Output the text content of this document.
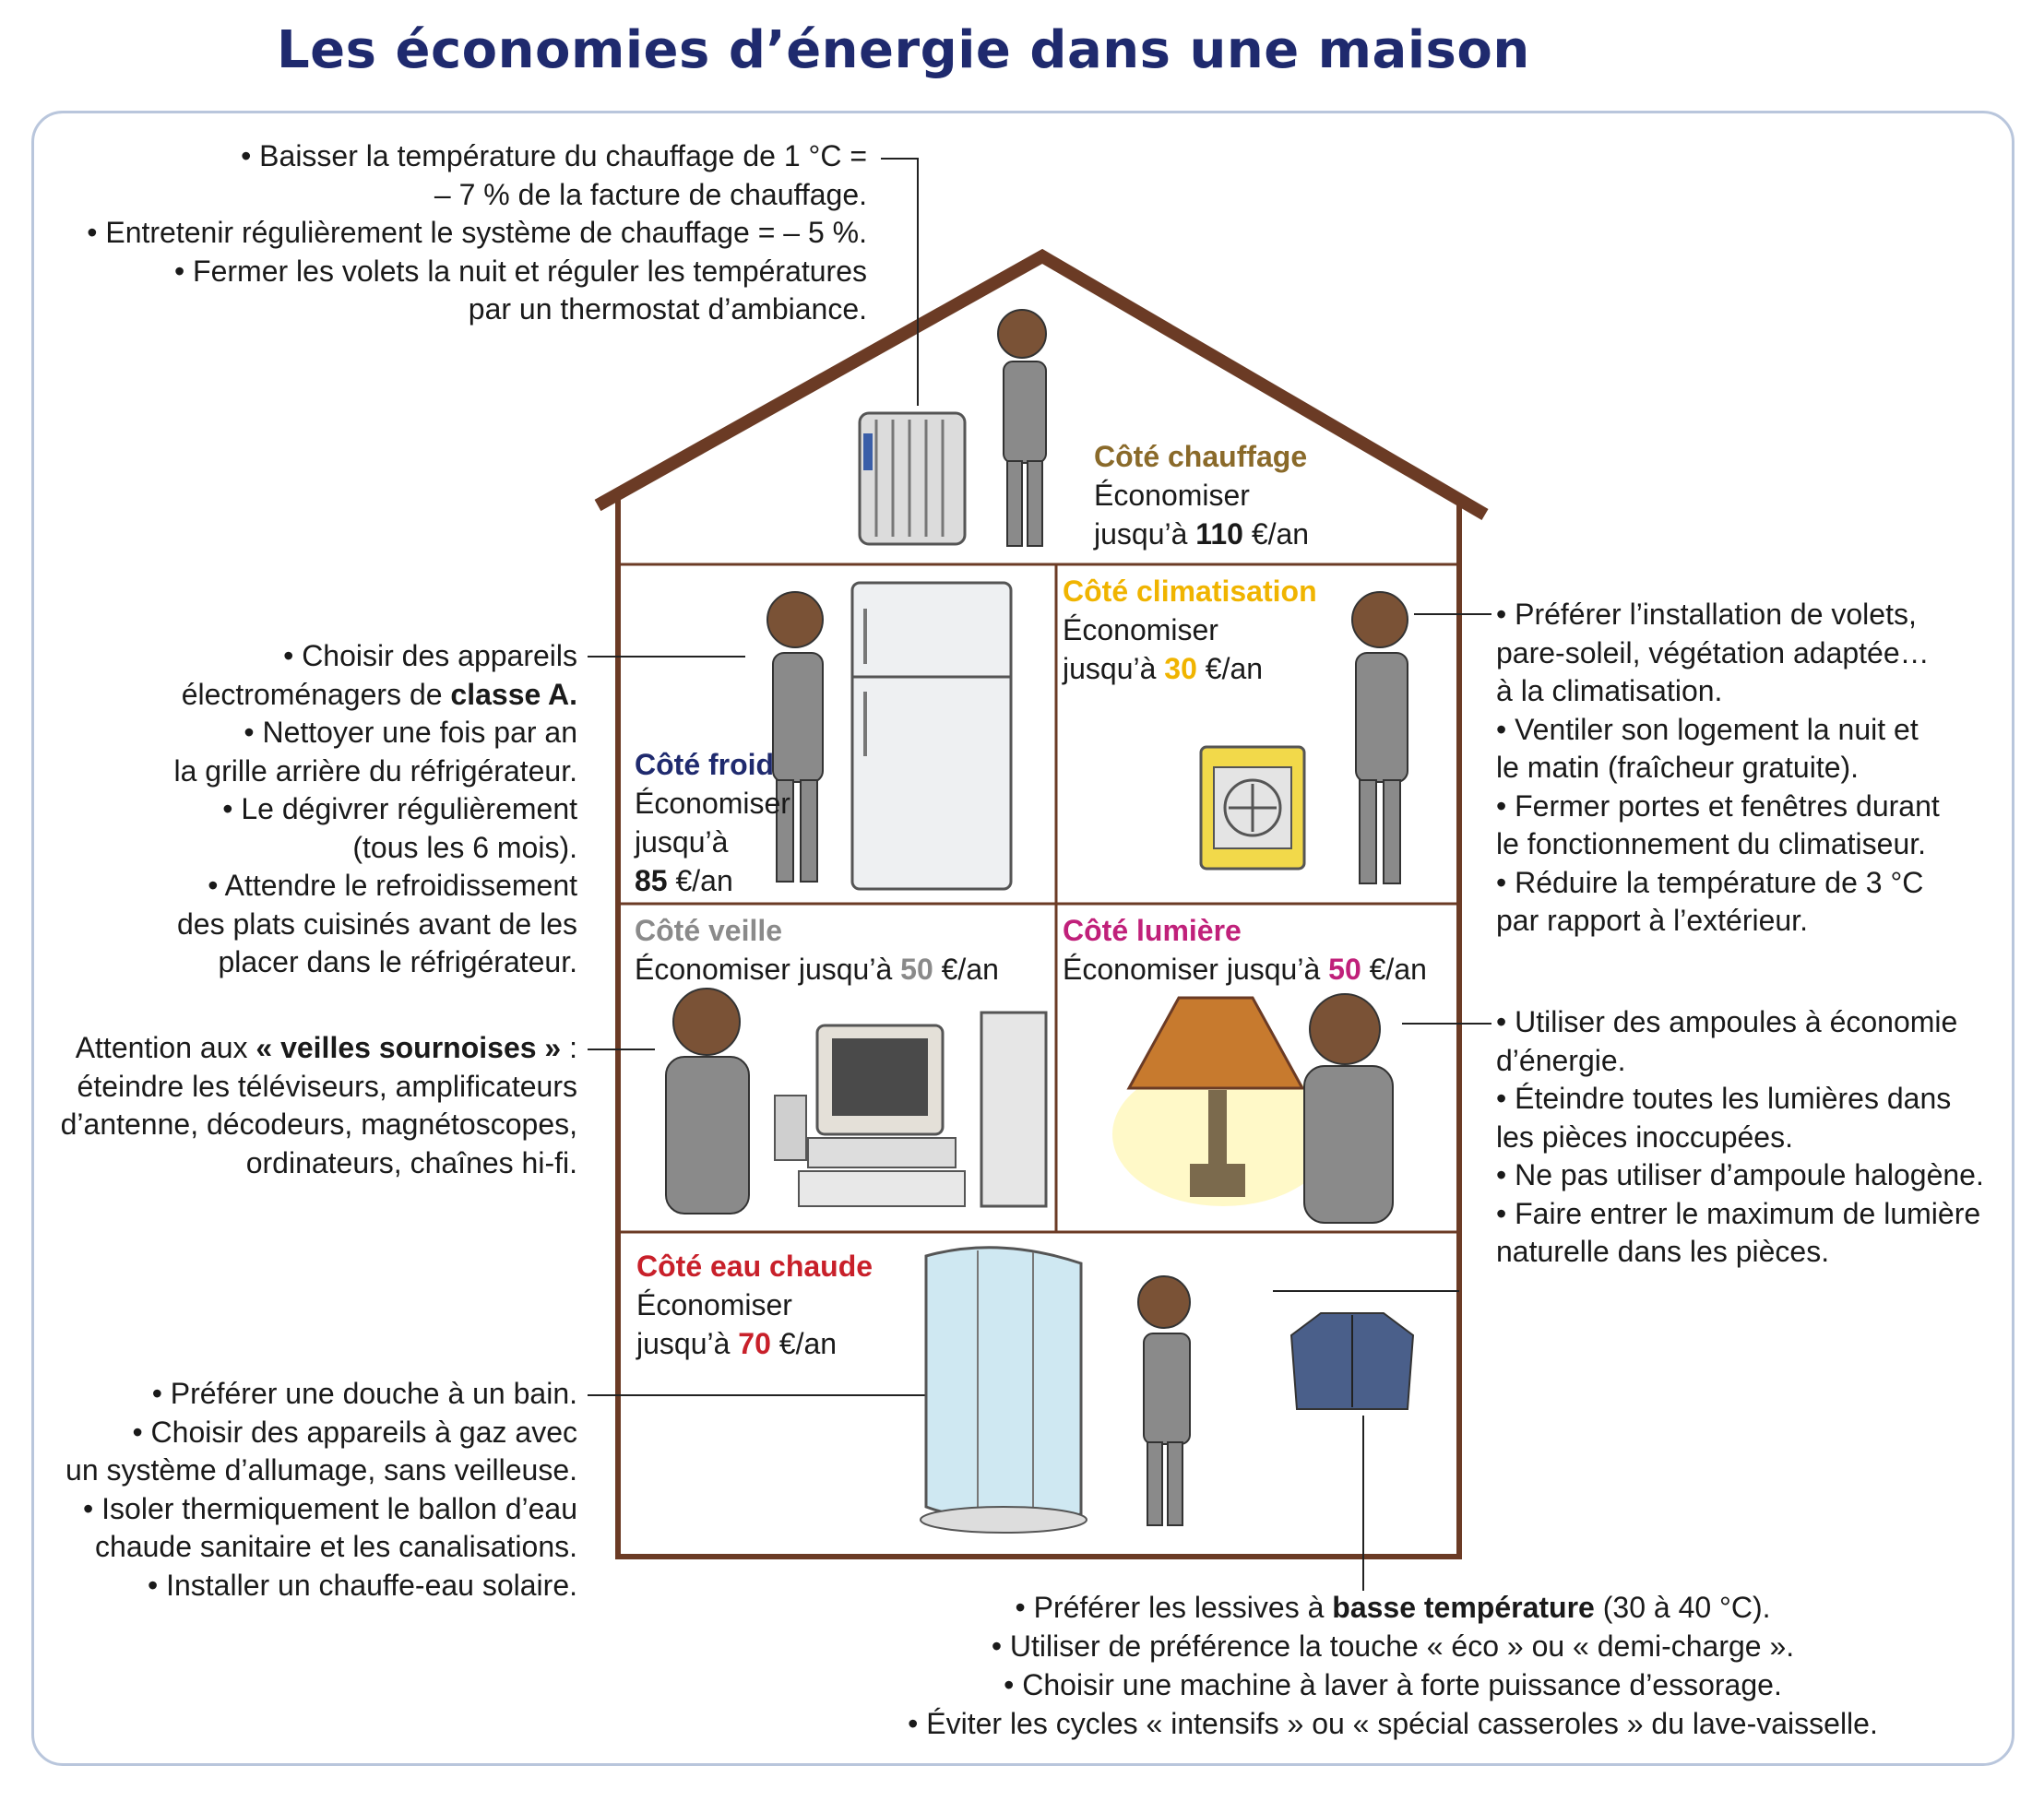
Les économies d’énergie dans une maison

• Baisser la température du chauffage de 1 °C =

– 7 % de la facture de chauffage.

• Entretenir régulièrement le système de chauffage = – 5 %.

• Fermer les volets la nuit et réguler les températures

par un thermostat d’ambiance.

• Choisir des appareils

électroménagers de classe A.

• Nettoyer une fois par an

la grille arrière du réfrigérateur.

• Le dégivrer régulièrement

(tous les 6 mois).

• Attendre le refroidissement

des plats cuisinés avant de les

placer dans le réfrigérateur.

Attention aux « veilles sournoises » :

éteindre les téléviseurs, amplificateurs

d’antenne, décodeurs, magnétoscopes,

ordinateurs, chaînes hi-fi.

• Préférer une douche à un bain.

• Choisir des appareils à gaz avec

un système d’allumage, sans veilleuse.

• Isoler thermiquement le ballon d’eau

chaude sanitaire et les canalisations.

• Installer un chauffe-eau solaire.

• Préférer l’installation de volets,

pare-soleil, végétation adaptée…

à la climatisation.

• Ventiler son logement la nuit et

le matin (fraîcheur gratuite).

• Fermer portes et fenêtres durant

le fonctionnement du climatiseur.

• Réduire la température de 3 °C

par rapport à l’extérieur.

• Utiliser des ampoules à économie

d’énergie.

• Éteindre toutes les lumières dans

les pièces inoccupées.

• Ne pas utiliser d’ampoule halogène.

• Faire entrer le maximum de lumière

naturelle dans les pièces.

• Préférer les lessives à basse température (30 à 40 °C).

• Utiliser de préférence la touche « éco » ou « demi-charge ».

• Choisir une machine à laver à forte puissance d’essorage.

• Éviter les cycles « intensifs » ou « spécial casseroles » du lave-vaisselle.

Côté chauffage
Économiser
jusqu’à 110 €/an
Côté climatisation
Économiser
jusqu’à 30 €/an
Côté froid
Économiser
jusqu’à
85 €/an
Côté veille
Économiser jusqu’à 50 €/an
Côté lumière
Économiser jusqu’à 50 €/an
Côté eau chaude
Économiser
jusqu’à 70 €/an
